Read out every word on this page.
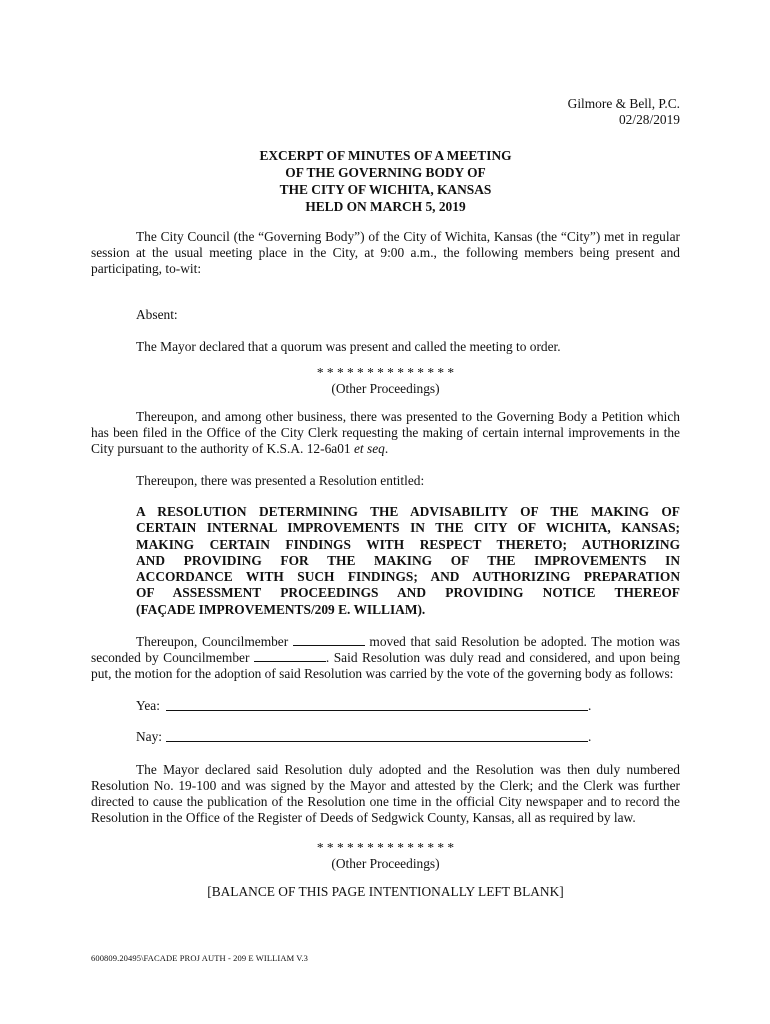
Gilmore & Bell, P.C.
02/28/2019
EXCERPT OF MINUTES OF A MEETING
OF THE GOVERNING BODY OF
THE CITY OF WICHITA, KANSAS
HELD ON MARCH 5, 2019

The City Council (the “Governing Body”) of the City of Wichita, Kansas (the “City”) met in regular session at the usual meeting place in the City, at 9:00 a.m., the following members being present and participating, to-wit:

Absent:

The Mayor declared that a quorum was present and called the meeting to order.

* * * * * * * * * * * * * *

(Other Proceedings)

Thereupon, and among other business, there was presented to the Governing Body a Petition which has been filed in the Office of the City Clerk requesting the making of certain internal improvements in the City pursuant to the authority of K.S.A. 12-6a01 et seq.

Thereupon, there was presented a Resolution entitled:

A RESOLUTION DETERMINING THE ADVISABILITY OF THE MAKING OF
CERTAIN INTERNAL IMPROVEMENTS IN THE CITY OF WICHITA, KANSAS;
MAKING CERTAIN FINDINGS WITH RESPECT THERETO; AUTHORIZING
AND PROVIDING FOR THE MAKING OF THE IMPROVEMENTS IN
ACCORDANCE WITH SUCH FINDINGS; AND AUTHORIZING PREPARATION
OF ASSESSMENT PROCEEDINGS AND PROVIDING NOTICE THEREOF
(FAÇADE IMPROVEMENTS/209 E. WILLIAM).

Thereupon, Councilmember	moved that said Resolution be adopted. The motion was seconded by Councilmember	. Said Resolution was duly read and considered, and upon being put, the motion for the adoption of said Resolution was carried by the vote of the governing body as follows:

Yea:	.
Nay:	.

The Mayor declared said Resolution duly adopted and the Resolution was then duly numbered Resolution No. 19-100 and was signed by the Mayor and attested by the Clerk; and the Clerk was further directed to cause the publication of the Resolution one time in the official City newspaper and to record the Resolution in the Office of the Register of Deeds of Sedgwick County, Kansas, all as required by law.

* * * * * * * * * * * * * *

(Other Proceedings)

[BALANCE OF THIS PAGE INTENTIONALLY LEFT BLANK]

600809.20495\FACADE PROJ AUTH - 209 E WILLIAM V.3
